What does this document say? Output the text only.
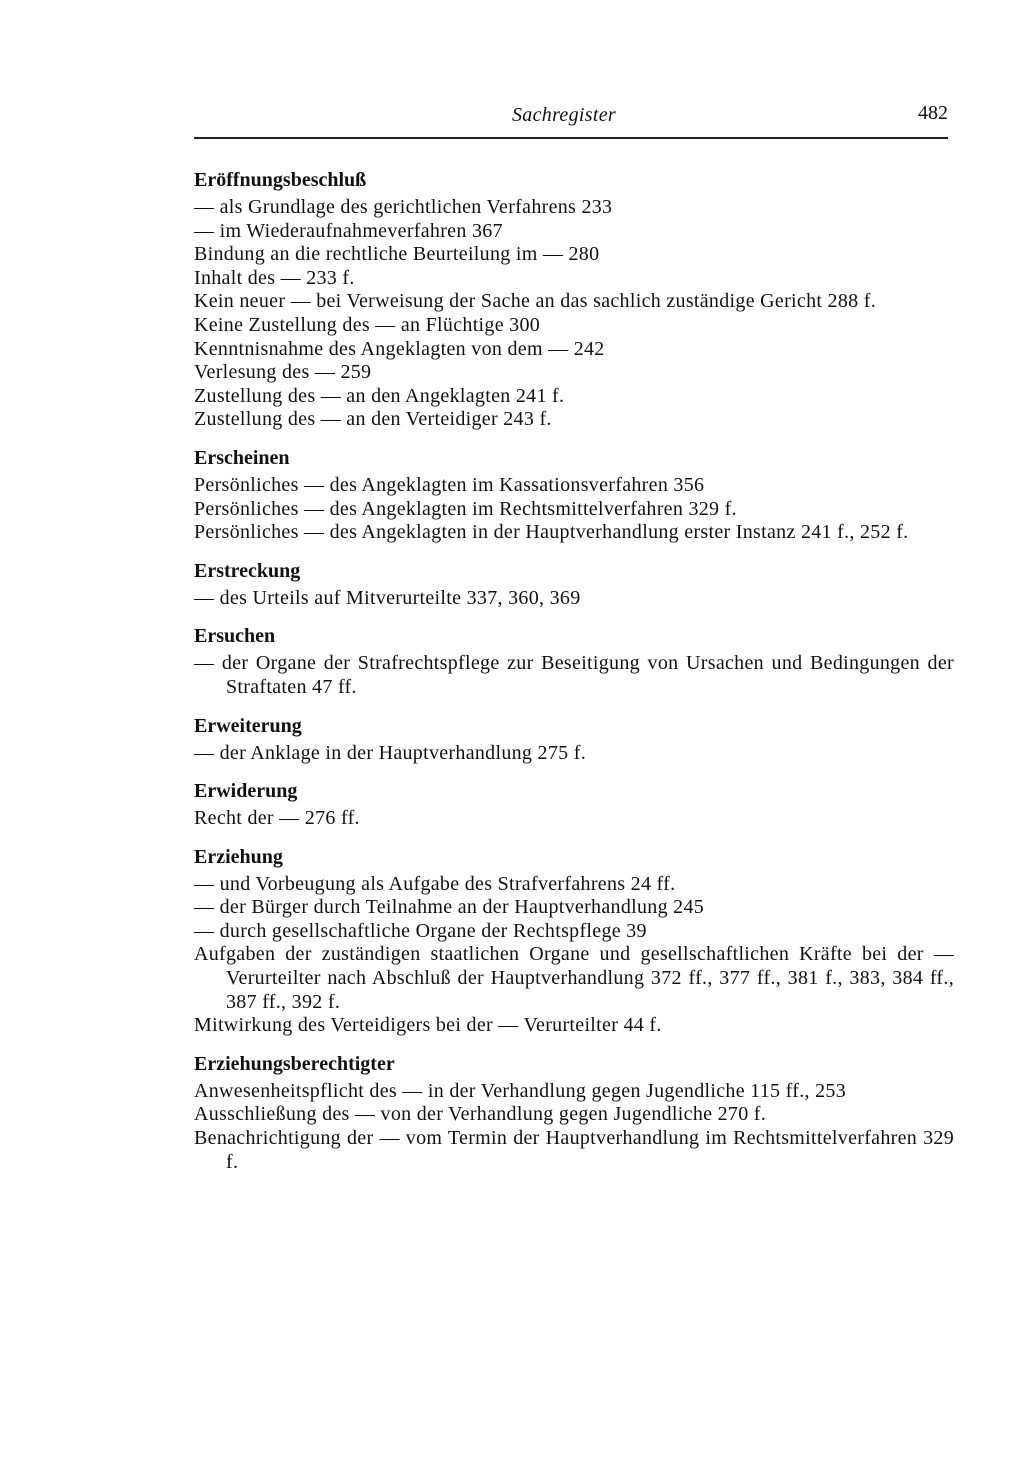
Sachregister	482
Eröffnungsbeschluß
— als Grundlage des gerichtlichen Verfahrens 233
— im Wiederaufnahmeverfahren 367
Bindung an die rechtliche Beurteilung im — 280
Inhalt des — 233 f.
Kein neuer — bei Verweisung der Sache an das sachlich zuständige Gericht 288 f.
Keine Zustellung des — an Flüchtige 300
Kenntnisnahme des Angeklagten von dem — 242
Verlesung des — 259
Zustellung des — an den Angeklagten 241 f.
Zustellung des — an den Verteidiger 243 f.
Erscheinen
Persönliches — des Angeklagten im Kassationsverfahren 356
Persönliches — des Angeklagten im Rechtsmittelverfahren 329 f.
Persönliches — des Angeklagten in der Hauptverhandlung erster Instanz 241 f., 252 f.
Erstreckung
— des Urteils auf Mitverurteilte 337, 360, 369
Ersuchen
— der Organe der Strafrechtspflege zur Beseitigung von Ursachen und Bedingungen der Straftaten 47 ff.
Erweiterung
— der Anklage in der Hauptverhandlung 275 f.
Erwiderung
Recht der — 276 ff.
Erziehung
— und Vorbeugung als Aufgabe des Strafverfahrens 24 ff.
— der Bürger durch Teilnahme an der Hauptverhandlung 245
— durch gesellschaftliche Organe der Rechtspflege 39
Aufgaben der zuständigen staatlichen Organe und gesellschaftlichen Kräfte bei der — Verurteilter nach Abschluß der Hauptverhandlung 372 ff., 377 ff., 381 f., 383, 384 ff., 387 ff., 392 f.
Mitwirkung des Verteidigers bei der — Verurteilter 44 f.
Erziehungsberechtigter
Anwesenheitspflicht des — in der Verhandlung gegen Jugendliche 115 ff., 253
Ausschließung des — von der Verhandlung gegen Jugendliche 270 f.
Benachrichtigung der — vom Termin der Hauptverhandlung im Rechtsmittelverfahren 329 f.
